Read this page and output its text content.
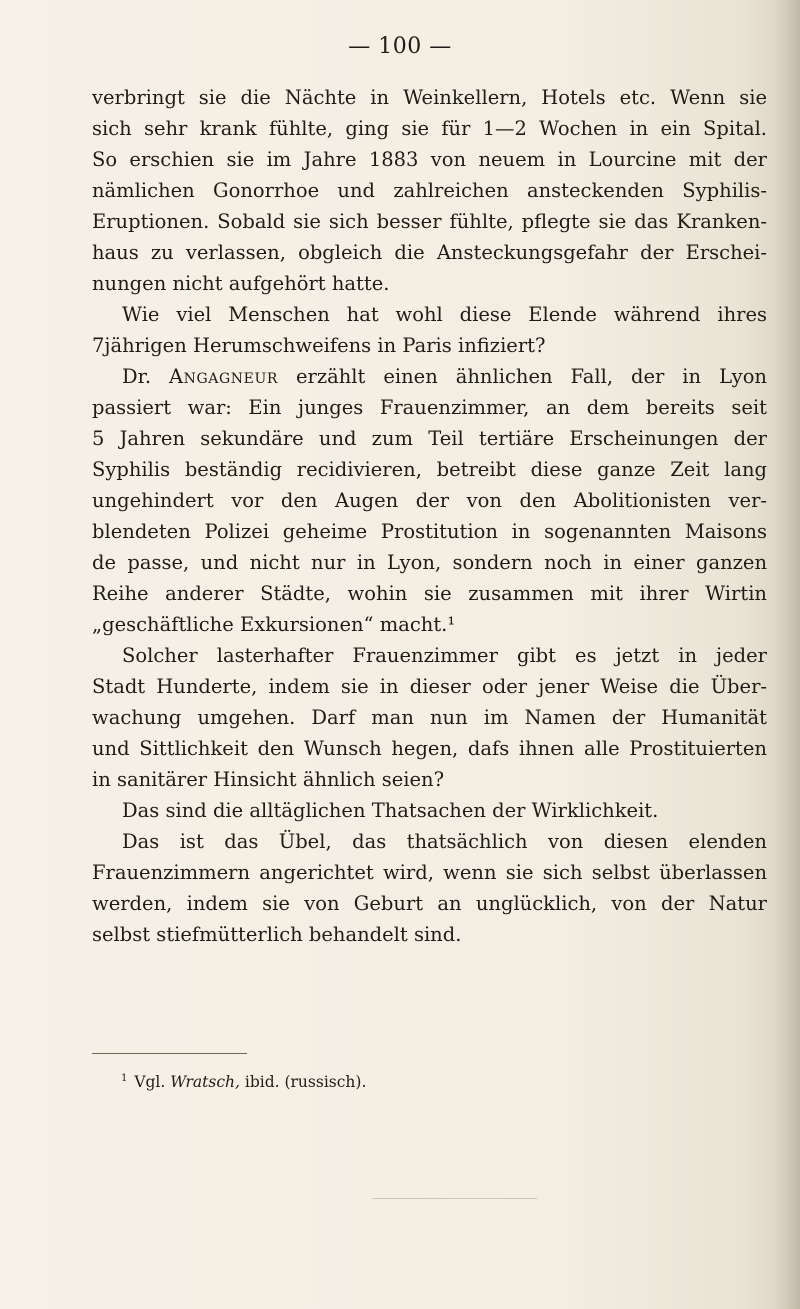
— 100 —
verbringt sie die Nächte in Weinkellern, Hotels etc. Wenn sie
sich sehr krank fühlte, ging sie für 1—2 Wochen in ein Spital.
So erschien sie im Jahre 1883 von neuem in Lourcine mit der
nämlichen Gonorrhoe und zahlreichen ansteckenden Syphilis-
Eruptionen. Sobald sie sich besser fühlte, pflegte sie das Kranken-
haus zu verlassen, obgleich die Ansteckungsgefahr der Erschei-
nungen nicht aufgehört hatte.
Wie viel Menschen hat wohl diese Elende während ihres
7jährigen Herumschweifens in Paris infiziert?
Dr. Angagneur erzählt einen ähnlichen Fall, der in Lyon
passiert war: Ein junges Frauenzimmer, an dem bereits seit
5 Jahren sekundäre und zum Teil tertiäre Erscheinungen der
Syphilis beständig recidivieren, betreibt diese ganze Zeit lang
ungehindert vor den Augen der von den Abolitionisten ver-
blendeten Polizei geheime Prostitution in sogenannten Maisons
de passe, und nicht nur in Lyon, sondern noch in einer ganzen
Reihe anderer Städte, wohin sie zusammen mit ihrer Wirtin
„geschäftliche Exkursionen“ macht.¹
Solcher lasterhafter Frauenzimmer gibt es jetzt in jeder
Stadt Hunderte, indem sie in dieser oder jener Weise die Über-
wachung umgehen. Darf man nun im Namen der Humanität
und Sittlichkeit den Wunsch hegen, dafs ihnen alle Prostituierten
in sanitärer Hinsicht ähnlich seien?
Das sind die alltäglichen Thatsachen der Wirklichkeit.
Das ist das Übel, das thatsächlich von diesen elenden
Frauenzimmern angerichtet wird, wenn sie sich selbst überlassen
werden, indem sie von Geburt an unglücklich, von der Natur
selbst stiefmütterlich behandelt sind.
$^1$ Vgl. Wratsch, ibid. (russisch).
